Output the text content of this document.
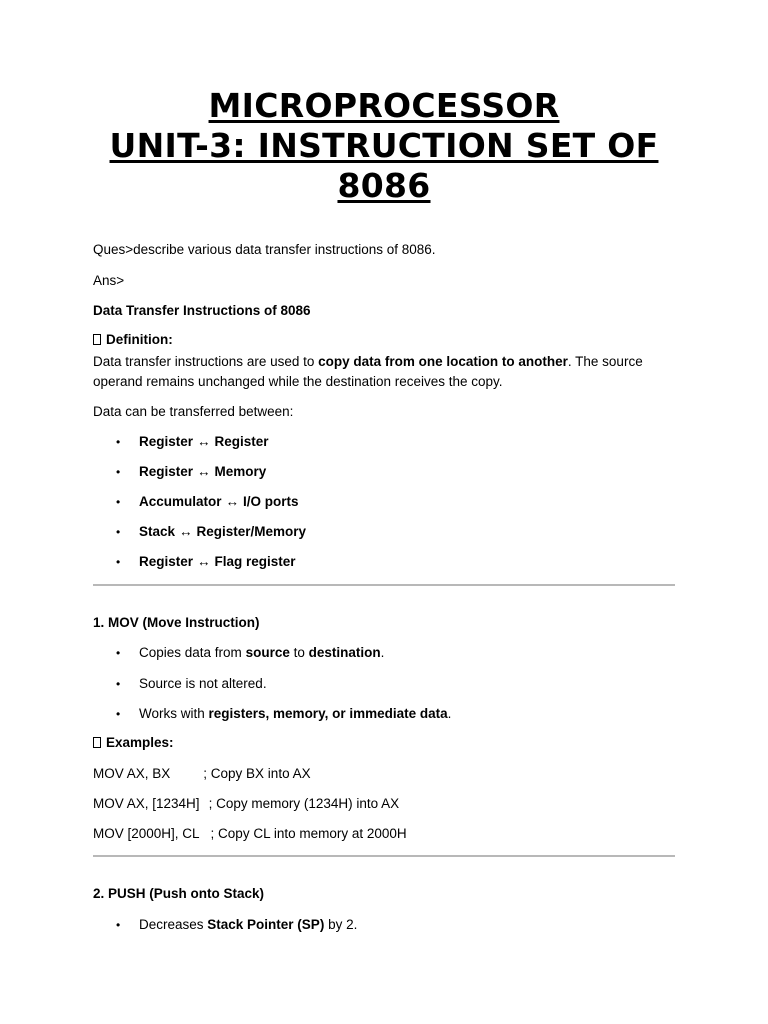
MICROPROCESSOR
UNIT-3: INSTRUCTION SET OF
8086
Ques>describe various data transfer instructions of 8086.
Ans>
Data Transfer Instructions of 8086
Definition:
Data transfer instructions are used to copy data from one location to another. The source
operand remains unchanged while the destination receives the copy.
Data can be transferred between:
• Register ↔ Register
• Register ↔ Memory
• Accumulator ↔ I/O ports
• Stack ↔ Register/Memory
• Register ↔ Flag register
1. MOV (Move Instruction)
• Copies data from source to destination.
• Source is not altered.
• Works with registers, memory, or immediate data.
Examples:
MOV AX, BX ; Copy BX into AX
MOV AX, [1234H] ; Copy memory (1234H) into AX
MOV [2000H], CL ; Copy CL into memory at 2000H
2. PUSH (Push onto Stack)
• Decreases Stack Pointer (SP) by 2.
